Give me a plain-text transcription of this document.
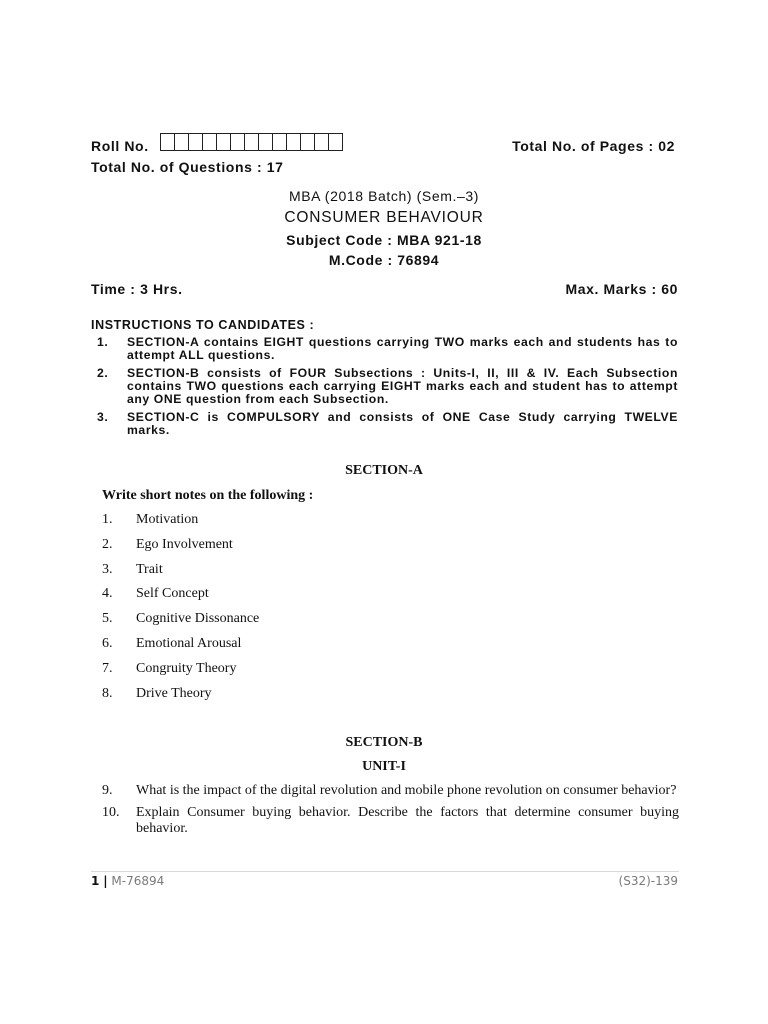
Roll No.	Total No. of Pages : 02
Total No. of Questions : 17
MBA (2018 Batch) (Sem.–3)
CONSUMER BEHAVIOUR
Subject Code : MBA 921-18
M.Code : 76894
Time : 3 Hrs.	Max. Marks : 60
INSTRUCTIONS TO CANDIDATES :
1.	SECTION-A contains EIGHT questions carrying TWO marks each and students has to attempt ALL questions.
2.	SECTION-B consists of FOUR Subsections : Units-I, II, III & IV. Each Subsection contains TWO questions each carrying EIGHT marks each and student has to attempt any ONE question from each Subsection.
3.	SECTION-C is COMPULSORY and consists of ONE Case Study carrying TWELVE marks.
SECTION-A
Write short notes on the following :
1.	Motivation
2.	Ego Involvement
3.	Trait
4.	Self Concept
5.	Cognitive Dissonance
6.	Emotional Arousal
7.	Congruity Theory
8.	Drive Theory
SECTION-B
UNIT-I
9.	What is the impact of the digital revolution and mobile phone revolution on consumer behavior?
10.	Explain Consumer buying behavior. Describe the factors that determine consumer buying behavior.
1 | M-76894	(S32)-139
